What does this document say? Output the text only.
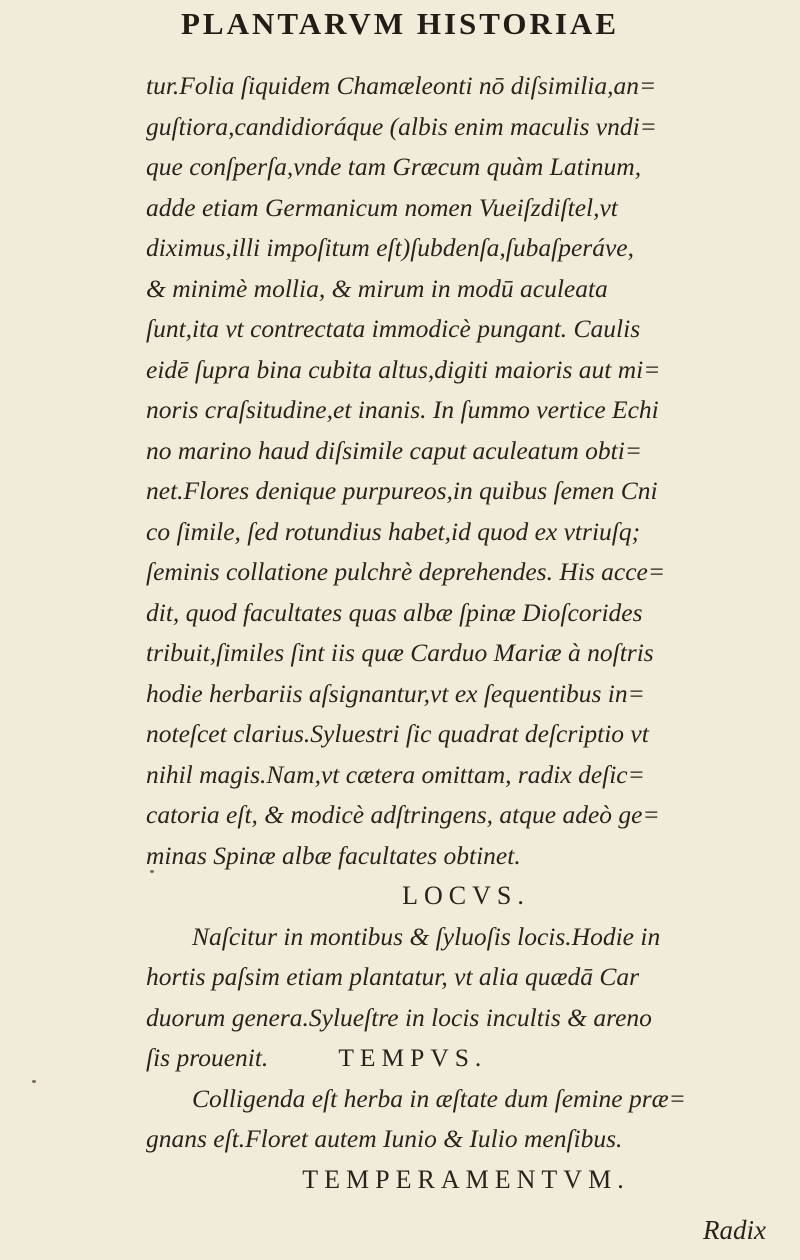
PLANTARVM HISTORIAE
tur.Folia ſiquidem Chamæleonti nō diſsimilia,an=
guſtiora,candidioráque (albis enim maculis vndi=
que conſperſa,vnde tam Græcum quàm Latinum,
adde etiam Germanicum nomen Vueiſzdiſtel,vt
diximus,illi impoſitum eſt)ſubdenſa,ſubaſperáve,
& minimè mollia, & mirum in modū aculeata
ſunt,ita vt contrectata immodicè pungant. Caulis
eidē ſupra bina cubita altus,digiti maioris aut mi=
noris craſsitudine,et inanis. In ſummo vertice Echi
no marino haud diſsimile caput aculeatum obti=
net.Flores denique purpureos,in quibus ſemen Cni
co ſimile, ſed rotundius habet,id quod ex vtriuſq;
ſeminis collatione pulchrè deprehendes. His acce=
dit, quod facultates quas albæ ſpinæ Dioſcorides
tribuit,ſimiles ſint iis quæ Carduo Mariæ à noſtris
hodie herbariis aſsignantur,vt ex ſequentibus in=
noteſcet clarius.Syluestri ſic quadrat deſcriptio vt
nihil magis.Nam,vt cætera omittam, radix deſic=
catoria eſt, & modicè adſtringens, atque adeò ge=
minas Spinæ albæ facultates obtinet.
LOCVS.
Naſcitur in montibus & ſyluoſis locis.Hodie in
hortis paſsim etiam plantatur, vt alia quædā Car
duorum genera.Sylueſtre in locis incultis & areno
ſis prouenit.	TEMPVS.
Colligenda eſt herba in æſtate dum ſemine præ=
gnans eſt.Floret autem Iunio & Iulio menſibus.
TEMPERAMENTVM.
Radix
